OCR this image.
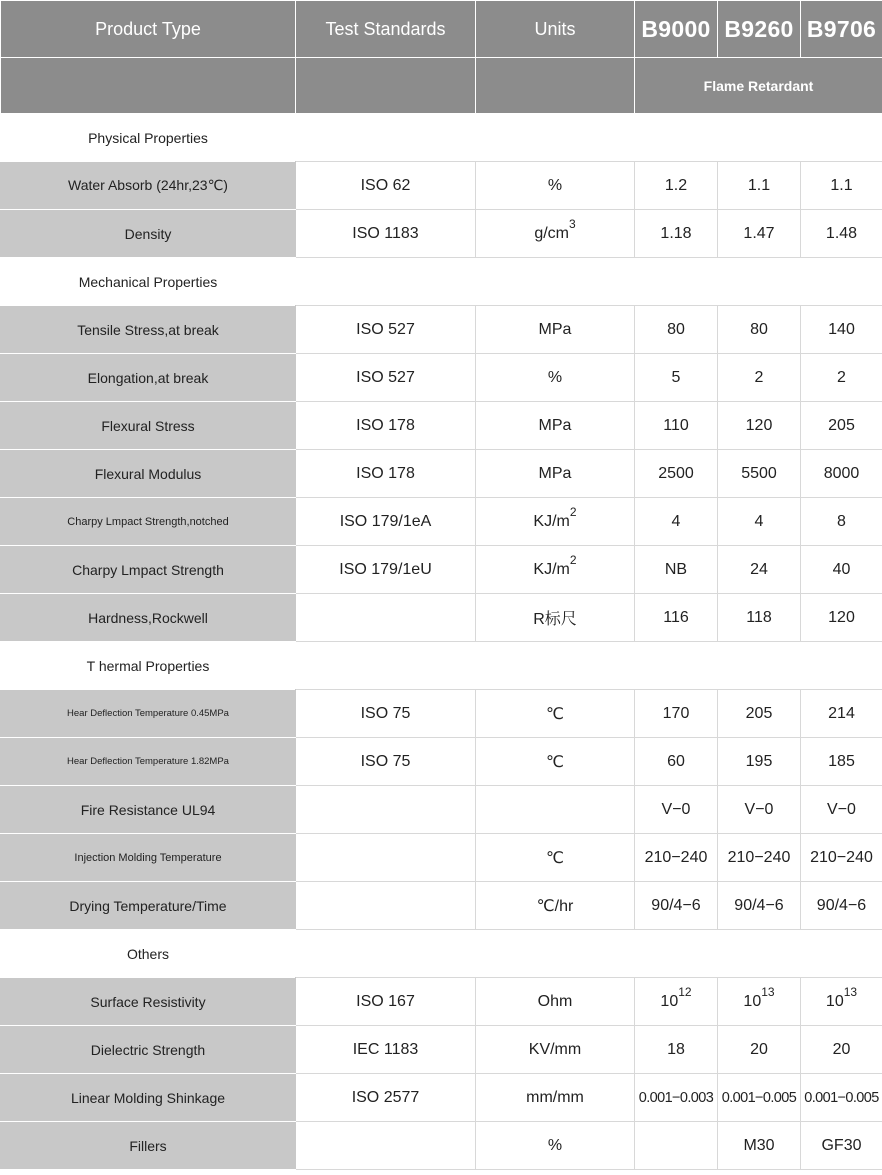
Product Type	Test Standards	Units	B9000	B9260	B9706
			Flame Retardant		
Physical Properties					
Water Absorb (24hr,23℃)	ISO 62	%	1.2	1.1	1.1
Density	ISO 1183	$g/cm^3$	1.18	1.47	1.48
Mechanical Properties					
Tensile Stress,at break	ISO 527	MPa	80	80	140
Elongation,at break	ISO 527	%	5	2	2
Flexural Stress	ISO 178	MPa	110	120	205
Flexural Modulus	ISO 178	MPa	2500	5500	8000
Charpy Lmpact Strength,notched	ISO 179/1eA	$KJ/m^2$	4	4	8
Charpy Lmpact Strength	ISO 179/1eU	$KJ/m^2$	NB	24	40
Hardness,Rockwell		R标尺	116	118	120
T hermal Properties					
Hear Deflection Temperature 0.45MPa	ISO 75	℃	170	205	214
Hear Deflection Temperature 1.82MPa	ISO 75	℃	60	195	185
Fire Resistance UL94			V−0	V−0	V−0
Injection Molding Temperature		℃	210−240	210−240	210−240
Drying Temperature/Time		℃/hr	90/4−6	90/4−6	90/4−6
Others					
Surface Resistivity	ISO 167	Ohm	$10^{12}$	$10^{13}$	$10^{13}$
Dielectric Strength	IEC 1183	KV/mm	18	20	20
Linear Molding Shinkage	ISO 2577	mm/mm	0.001−0.003	0.001−0.005	0.001−0.005
Fillers		%		M30	GF30
